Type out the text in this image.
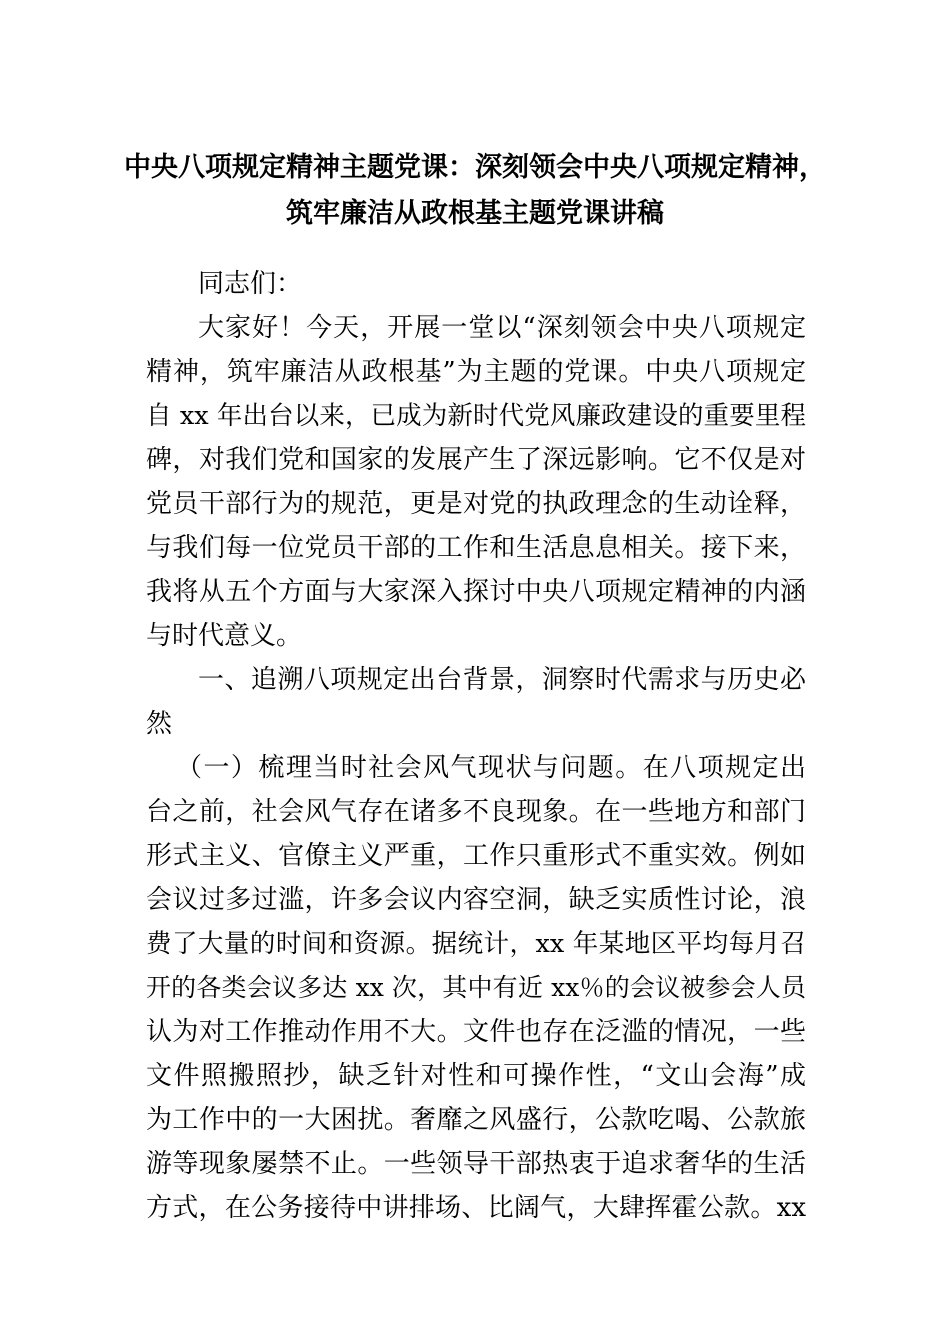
中央八项规定精神主题党课：深刻领会中央八项规定精神，
筑牢廉洁从政根基主题党课讲稿
同志们：
大家好！今天，开展一堂以“深刻领会中央八项规定
精神，筑牢廉洁从政根基”为主题的党课。中央八项规定
自 xx 年出台以来，已成为新时代党风廉政建设的重要里程
碑，对我们党和国家的发展产生了深远影响。它不仅是对
党员干部行为的规范，更是对党的执政理念的生动诠释，
与我们每一位党员干部的工作和生活息息相关。接下来，
我将从五个方面与大家深入探讨中央八项规定精神的内涵
与时代意义。
一、追溯八项规定出台背景，洞察时代需求与历史必
然
（一）梳理当时社会风气现状与问题。在八项规定出
台之前，社会风气存在诸多不良现象。在一些地方和部门
形式主义、官僚主义严重，工作只重形式不重实效。例如
会议过多过滥，许多会议内容空洞，缺乏实质性讨论，浪
费了大量的时间和资源。据统计，xx 年某地区平均每月召
开的各类会议多达 xx 次，其中有近 xx％的会议被参会人员
认为对工作推动作用不大。文件也存在泛滥的情况，一些
文件照搬照抄，缺乏针对性和可操作性，“文山会海”成
为工作中的一大困扰。奢靡之风盛行，公款吃喝、公款旅
游等现象屡禁不止。一些领导干部热衷于追求奢华的生活
方式，在公务接待中讲排场、比阔气，大肆挥霍公款。xx
